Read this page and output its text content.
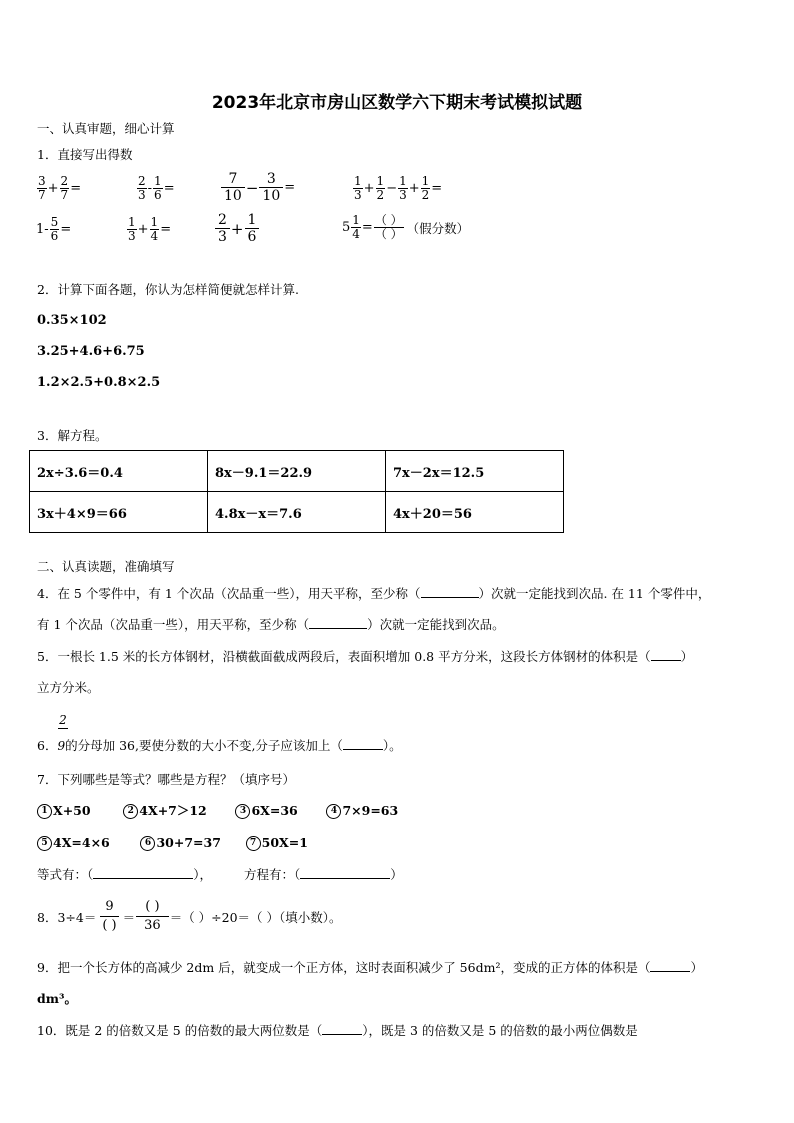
2023年北京市房山区数学六下期末考试模拟试题
一、认真审题，细心计算
1．直接写出得数
$\frac{3}{7} + \frac{2}{7}$ =	$\frac{2}{3} - \frac{1}{6}$ =	$\frac{7}{10} - \frac{3}{10}$ =	$\frac{1}{3} + \frac{1}{2} - \frac{1}{3} + \frac{1}{2}$ =
$1- \frac{5}{6}$ =	$\frac{1}{3} + \frac{1}{4}$ =	$\frac{2}{3} + \frac{1}{6}$	$5 \frac{1}{4} = \frac{( )}{( )}$ （假分数）
2．计算下面各题，你认为怎样简便就怎样计算.
0.35×102
3.25+4.6+6.75
1.2×2.5+0.8×2.5
3．解方程。
2x÷3.6＝0.4	8x－9.1＝22.9	7x－2x＝12.5
3x＋4×9＝66	4.8x－x＝7.6	4x＋20＝56
二、认真读题，准确填写
4．在 5 个零件中，有 1 个次品（次品重一些），用天平称，至少称（	）次就一定能找到次品. 在 11 个零件中，
有 1 个次品（次品重一些），用天平称，至少称（	）次就一定能找到次品。
5．一根长 1.5 米的长方体钢材，沿横截面截成两段后，表面积增加 0.8 平方分米，这段长方体钢材的体积是（ ）
立方分米。
2
6．9的分母加 36,要使分数的大小不变,分子应该加上（	）。
7．下列哪些是等式？哪些是方程？（填序号）
1 X+50	2 4X+7＞12	3 6X=36	4 7×9=63
5 4X=4×6	6 30+7=37	7 50X=1
等式有：（	），	方程有：（	）
8．$3\div 4= \frac{9}{( )} = \frac{( )}{36}$ ＝（ ）÷20＝（ ）（填小数）。
9．把一个长方体的高减少 2dm 后，就变成一个正方体，这时表面积减少了 56dm²，变成的正方体的体积是（	）
dm³。
10．既是 2 的倍数又是 5 的倍数的最大两位数是（	），既是 3 的倍数又是 5 的倍数的最小两位偶数是
